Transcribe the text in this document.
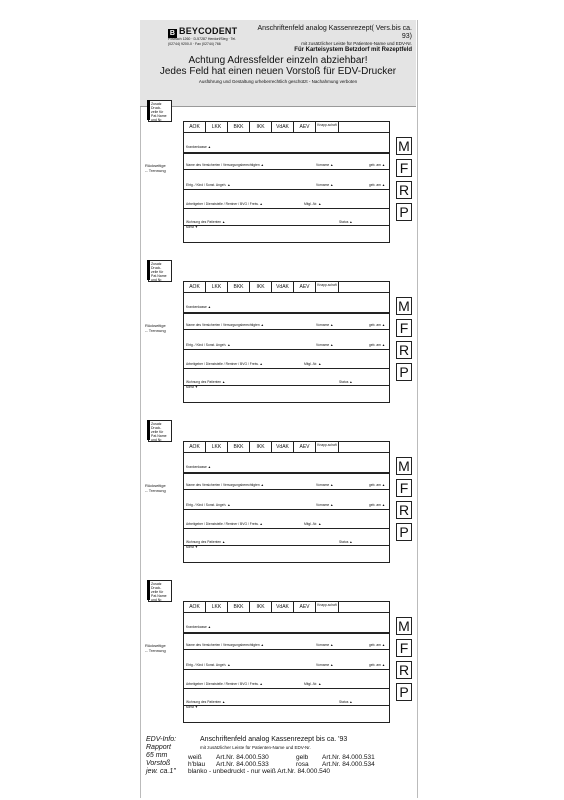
B BEYCODENT
Postfach 1260 · D-57287 Herdorf/Sieg · Tel. (02744) 9200-0 · Fax (02744) 766
Anschriftenfeld analog Kassenrezept( Vers.bis ca. 93)
mit zusätzlicher Leiste für Patienten-Name und EDV-Nr.
Für Karteisystem Betzdorf mit Rezeptfeld
Achtung Adressfelder einzeln abziehbar!
Jedes Feld hat einen neuen Vorstoß für EDV-Drucker
Ausführung und Gestaltung urheberrechtlich geschützt - Nachahmung verboten
Zusatz
Druck-
zeile für
Pat.Name
und Nr.
Rückseitige
-- Trennung
AOK	LKK	BKK	IKK	VdAK	AEV	Knapp-schaft
Krankenkasse ▲
Name des Versicherten / Versorgungsberechtigten ▲	Vorname ▲	geb. am ▲
Ehtg. / Kind / Sonst. Angeh. ▲	Vorname ▲	geb. am ▲
Arbeitgeber / Dienststelle / Rentner / BVG / Freiw. ▲	Mitgl.-Nr. ▲
Wohnung des Patienten ▲	Status ▲
sonst ▼
M
F
R
P
Zusatz
Druck-
zeile für
Pat.Name
und Nr.
Rückseitige
-- Trennung
AOK	LKK	BKK	IKK	VdAK	AEV	Knapp-schaft
Krankenkasse ▲
Name des Versicherten / Versorgungsberechtigten ▲	Vorname ▲	geb. am ▲
Ehtg. / Kind / Sonst. Angeh. ▲	Vorname ▲	geb. am ▲
Arbeitgeber / Dienststelle / Rentner / BVG / Freiw. ▲	Mitgl.-Nr. ▲
Wohnung des Patienten ▲	Status ▲
sonst ▼
M
F
R
P
Zusatz
Druck-
zeile für
Pat.Name
und Nr.
Rückseitige
-- Trennung
AOK	LKK	BKK	IKK	VdAK	AEV	Knapp-schaft
Krankenkasse ▲
Name des Versicherten / Versorgungsberechtigten ▲	Vorname ▲	geb. am ▲
Ehtg. / Kind / Sonst. Angeh. ▲	Vorname ▲	geb. am ▲
Arbeitgeber / Dienststelle / Rentner / BVG / Freiw. ▲	Mitgl.-Nr. ▲
Wohnung des Patienten ▲	Status ▲
sonst ▼
M
F
R
P
Zusatz
Druck-
zeile für
Pat.Name
und Nr.
Rückseitige
-- Trennung
AOK	LKK	BKK	IKK	VdAK	AEV	Knapp-schaft
Krankenkasse ▲
Name des Versicherten / Versorgungsberechtigten ▲	Vorname ▲	geb. am ▲
Ehtg. / Kind / Sonst. Angeh. ▲	Vorname ▲	geb. am ▲
Arbeitgeber / Dienststelle / Rentner / BVG / Freiw. ▲	Mitgl.-Nr. ▲
Wohnung des Patienten ▲	Status ▲
sonst ▼
M
F
R
P
EDV-Info:
Rapport
65 mm
Vorstoß
jew. ca.1"
Anschriftenfeld analog Kassenrezept bis ca. '93
mit zusätzlicher Leiste für Patienten-Name und EDV-Nr.
weiß Art.Nr. 84.000.530	gelb Art.Nr. 84.000.531
h'blau Art.Nr. 84.000.533	rosa Art.Nr. 84.000.534
blanko - unbedruckt - nur weiß Art.Nr. 84.000.540
